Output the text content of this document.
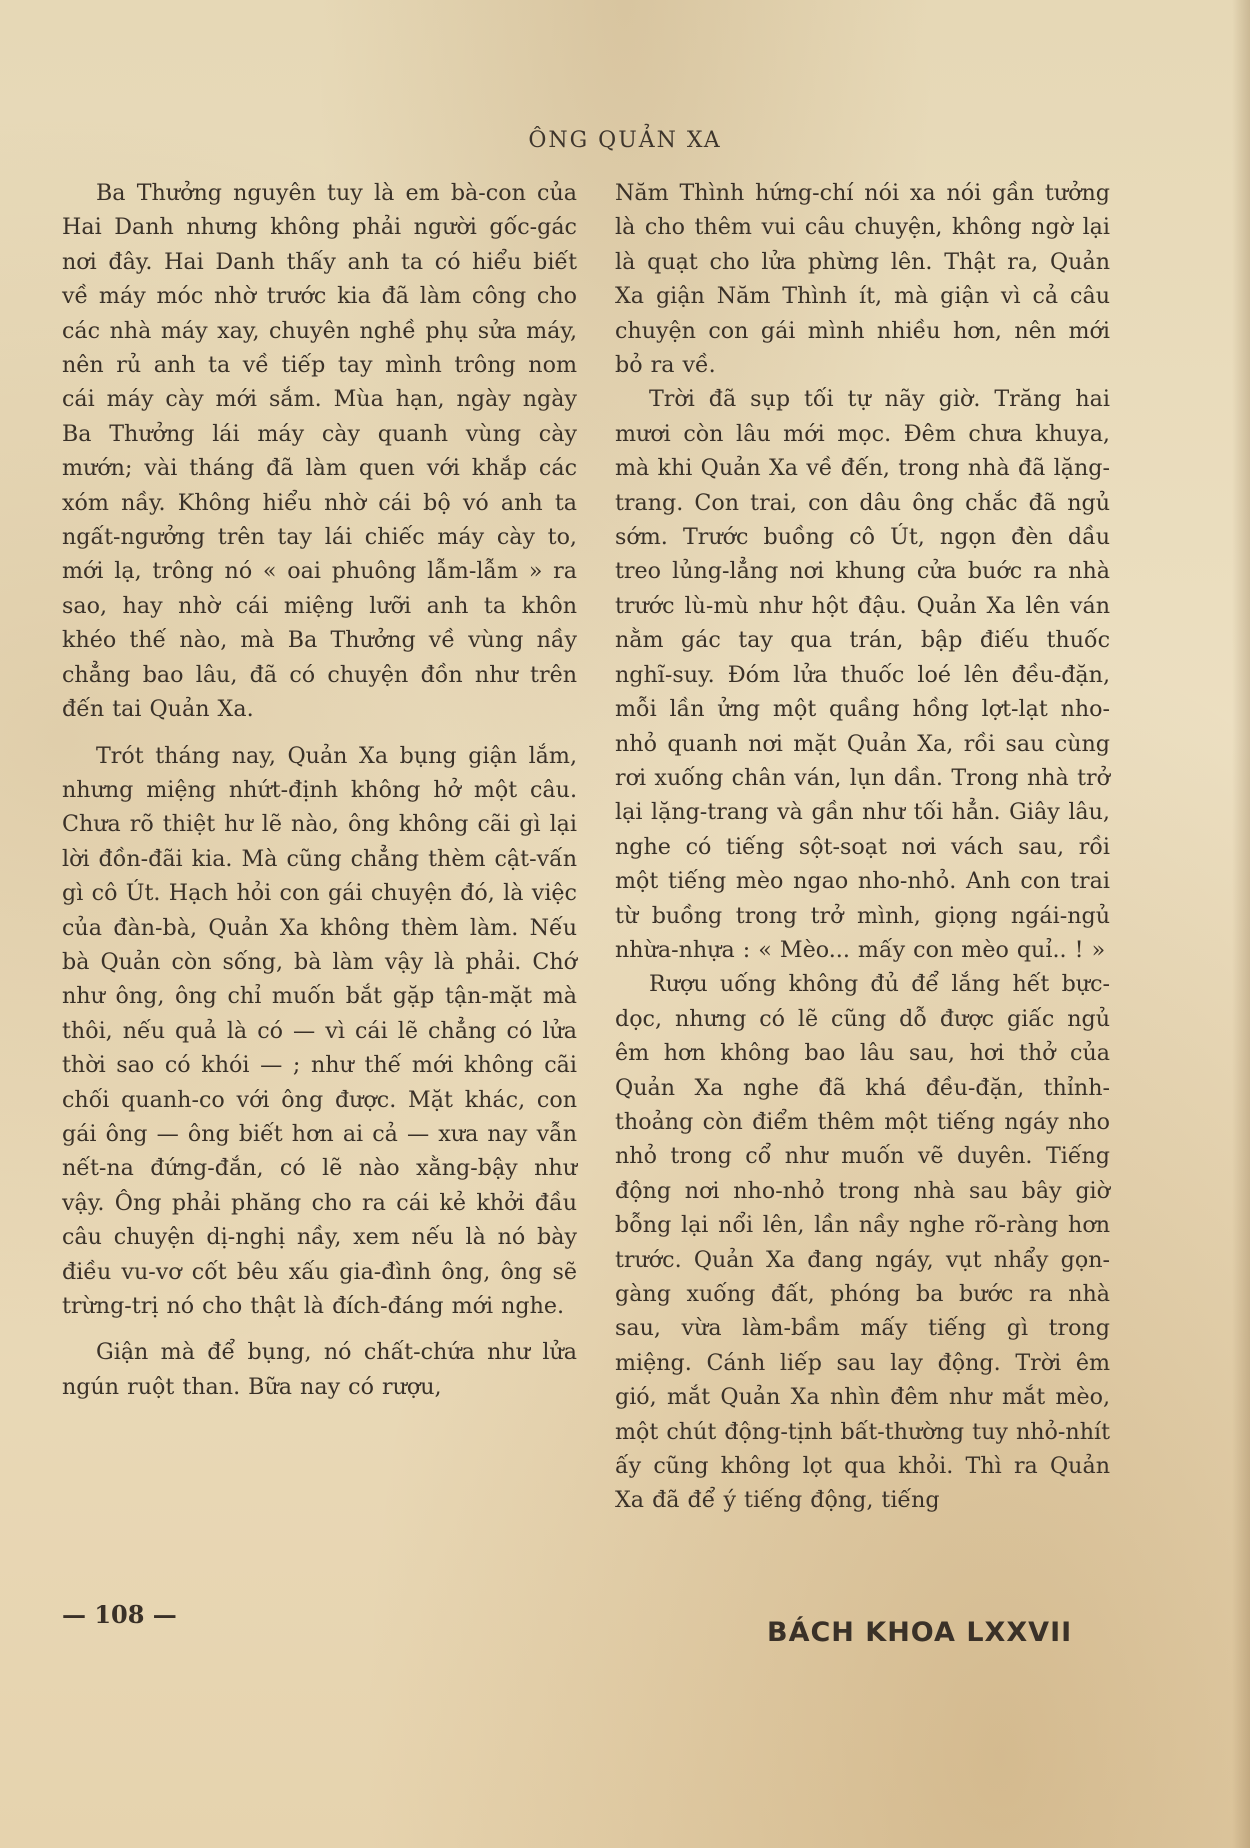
ÔNG QUẢN XA

Ba Thưởng nguyên tuy là em bà-con của Hai Danh nhưng không phải người gốc-gác nơi đây. Hai Danh thấy anh ta có hiểu biết về máy móc nhờ trước kia đã làm công cho các nhà máy xay, chuyên nghề phụ sửa máy, nên rủ anh ta về tiếp tay mình trông nom cái máy cày mới sắm. Mùa hạn, ngày ngày Ba Thưởng lái máy cày quanh vùng cày mướn; vài tháng đã làm quen với khắp các xóm nầy. Không hiểu nhờ cái bộ vó anh ta ngất-ngưởng trên tay lái chiếc máy cày to, mới lạ, trông nó « oai phuông lẫm-lẫm » ra sao, hay nhờ cái miệng lưỡi anh ta khôn khéo thế nào, mà Ba Thưởng về vùng nầy chẳng bao lâu, đã có chuyện đồn như trên đến tai Quản Xa.

Trót tháng nay, Quản Xa bụng giận lắm, nhưng miệng nhứt-định không hở một câu. Chưa rõ thiệt hư lẽ nào, ông không cãi gì lại lời đồn-đãi kia. Mà cũng chẳng thèm cật-vấn gì cô Út. Hạch hỏi con gái chuyện đó, là việc của đàn-bà, Quản Xa không thèm làm. Nếu bà Quản còn sống, bà làm vậy là phải. Chớ như ông, ông chỉ muốn bắt gặp tận-mặt mà thôi, nếu quả là có — vì cái lẽ chẳng có lửa thời sao có khói — ; như thế mới không cãi chối quanh-co với ông được. Mặt khác, con gái ông — ông biết hơn ai cả — xưa nay vẫn nết-na đứng-đắn, có lẽ nào xằng-bậy như vậy. Ông phải phăng cho ra cái kẻ khởi đầu câu chuyện dị-nghị nầy, xem nếu là nó bày điều vu-vơ cốt bêu xấu gia-đình ông, ông sẽ trừng-trị nó cho thật là đích-đáng mới nghe.

Giận mà để bụng, nó chất-chứa như lửa ngún ruột than. Bữa nay có rượu,

Năm Thình hứng-chí nói xa nói gần tưởng là cho thêm vui câu chuyện, không ngờ lại là quạt cho lửa phừng lên. Thật ra, Quản Xa giận Năm Thình ít, mà giận vì cả câu chuyện con gái mình nhiều hơn, nên mới bỏ ra về.

Trời đã sụp tối tự nãy giờ. Trăng hai mươi còn lâu mới mọc. Đêm chưa khuya, mà khi Quản Xa về đến, trong nhà đã lặng-trang. Con trai, con dâu ông chắc đã ngủ sớm. Trước buồng cô Út, ngọn đèn dầu treo lủng-lẳng nơi khung cửa buớc ra nhà trước lù-mù như hột đậu. Quản Xa lên ván nằm gác tay qua trán, bập điếu thuốc nghĩ-suy. Đóm lửa thuốc loé lên đều-đặn, mỗi lần ửng một quầng hồng lợt-lạt nho-nhỏ quanh nơi mặt Quản Xa, rồi sau cùng rơi xuống chân ván, lụn dần. Trong nhà trở lại lặng-trang và gần như tối hẳn. Giây lâu, nghe có tiếng sột-soạt nơi vách sau, rồi một tiếng mèo ngao nho-nhỏ. Anh con trai từ buồng trong trở mình, giọng ngái-ngủ nhừa-nhựa : « Mèo... mấy con mèo quỉ.. ! »

Rượu uống không đủ để lắng hết bực-dọc, nhưng có lẽ cũng dỗ được giấc ngủ êm hơn không bao lâu sau, hơi thở của Quản Xa nghe đã khá đều-đặn, thỉnh-thoảng còn điểm thêm một tiếng ngáy nho nhỏ trong cổ như muốn vẽ duyên. Tiếng động nơi nho-nhỏ trong nhà sau bây giờ bỗng lại nổi lên, lần nầy nghe rõ-ràng hơn trước. Quản Xa đang ngáy, vụt nhẩy gọn-gàng xuống đất, phóng ba bước ra nhà sau, vừa làm-bầm mấy tiếng gì trong miệng. Cánh liếp sau lay động. Trời êm gió, mắt Quản Xa nhìn đêm như mắt mèo, một chút động-tịnh bất-thường tuy nhỏ-nhít ấy cũng không lọt qua khỏi. Thì ra Quản Xa đã để ý tiếng động, tiếng

— 108 —
BÁCH KHOA LXXVII
